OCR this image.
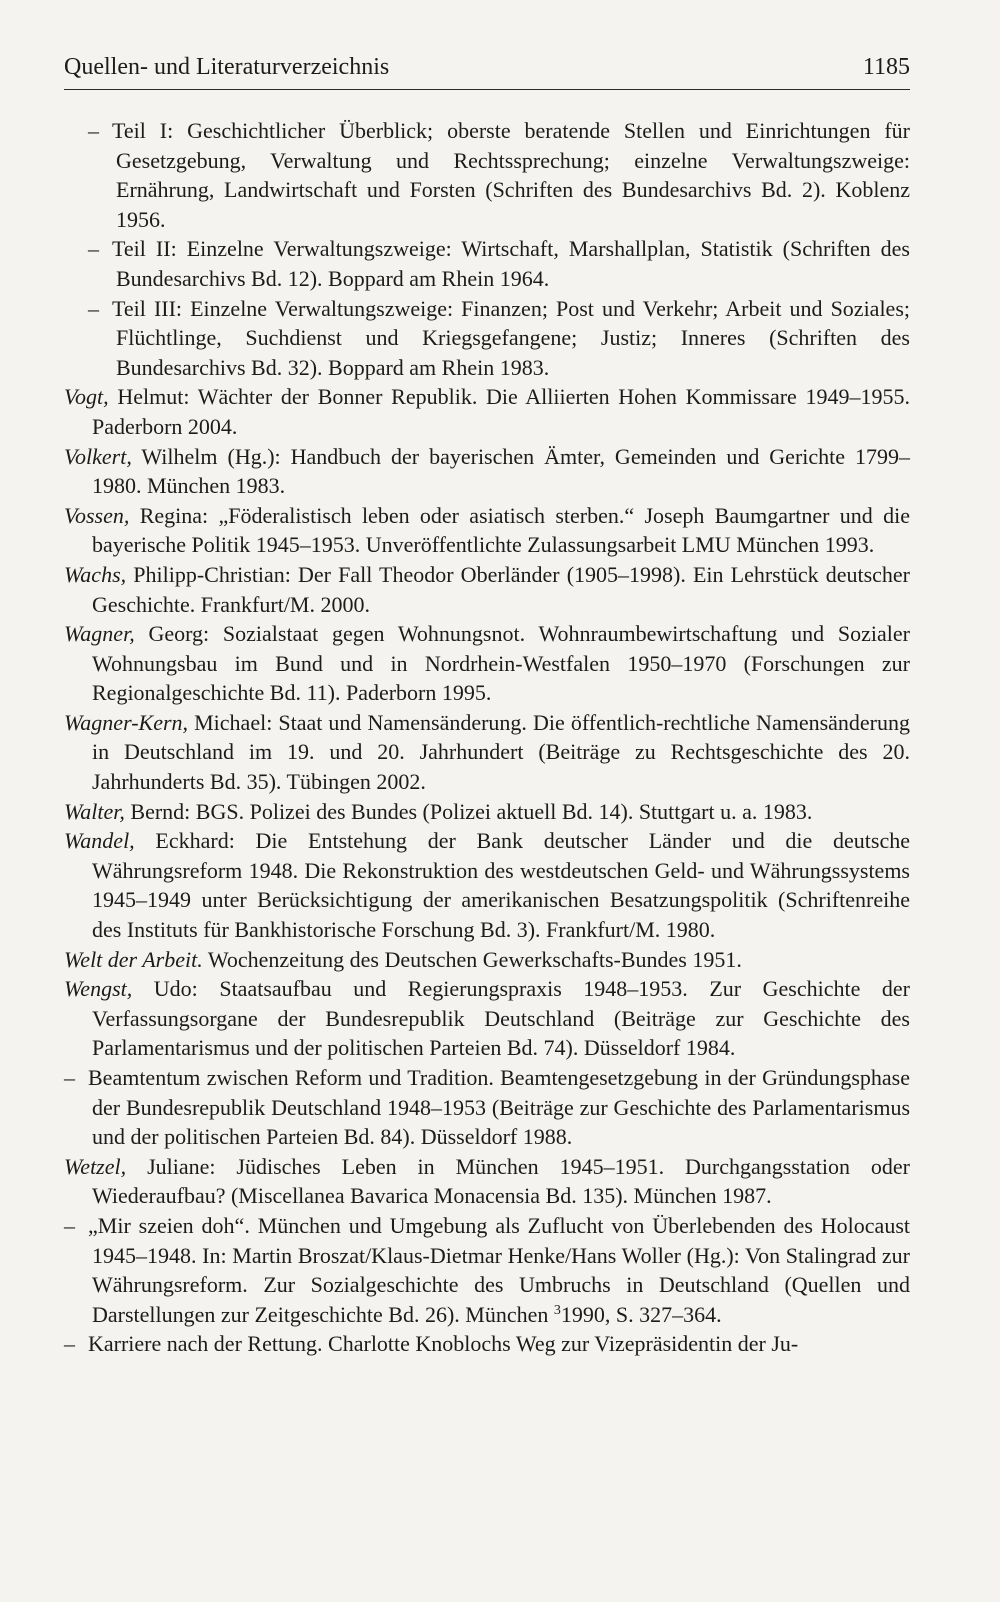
Quellen- und Literaturverzeichnis	1185

– Teil I: Geschichtlicher Überblick; oberste beratende Stellen und Einrichtungen für Gesetzgebung, Verwaltung und Rechtssprechung; einzelne Verwaltungszweige: Ernährung, Landwirtschaft und Forsten (Schriften des Bundesarchivs Bd. 2). Koblenz 1956.

– Teil II: Einzelne Verwaltungszweige: Wirtschaft, Marshallplan, Statistik (Schriften des Bundesarchivs Bd. 12). Boppard am Rhein 1964.

– Teil III: Einzelne Verwaltungszweige: Finanzen; Post und Verkehr; Arbeit und Soziales; Flüchtlinge, Suchdienst und Kriegsgefangene; Justiz; Inneres (Schriften des Bundesarchivs Bd. 32). Boppard am Rhein 1983.

Vogt, Helmut: Wächter der Bonner Republik. Die Alliierten Hohen Kommissare 1949–1955. Paderborn 2004.

Volkert, Wilhelm (Hg.): Handbuch der bayerischen Ämter, Gemeinden und Gerichte 1799–1980. München 1983.

Vossen, Regina: „Föderalistisch leben oder asiatisch sterben.“ Joseph Baumgartner und die bayerische Politik 1945–1953. Unveröffentlichte Zulassungsarbeit LMU München 1993.

Wachs, Philipp-Christian: Der Fall Theodor Oberländer (1905–1998). Ein Lehrstück deutscher Geschichte. Frankfurt/M. 2000.

Wagner, Georg: Sozialstaat gegen Wohnungsnot. Wohnraumbewirtschaftung und Sozialer Wohnungsbau im Bund und in Nordrhein-Westfalen 1950–1970 (Forschungen zur Regionalgeschichte Bd. 11). Paderborn 1995.

Wagner-Kern, Michael: Staat und Namensänderung. Die öffentlich-rechtliche Namensänderung in Deutschland im 19. und 20. Jahrhundert (Beiträge zu Rechtsgeschichte des 20. Jahrhunderts Bd. 35). Tübingen 2002.

Walter, Bernd: BGS. Polizei des Bundes (Polizei aktuell Bd. 14). Stuttgart u. a. 1983.

Wandel, Eckhard: Die Entstehung der Bank deutscher Länder und die deutsche Währungsreform 1948. Die Rekonstruktion des westdeutschen Geld- und Währungssystems 1945–1949 unter Berücksichtigung der amerikanischen Besatzungspolitik (Schriftenreihe des Instituts für Bankhistorische Forschung Bd. 3). Frankfurt/M. 1980.

Welt der Arbeit. Wochenzeitung des Deutschen Gewerkschafts-Bundes 1951.

Wengst, Udo: Staatsaufbau und Regierungspraxis 1948–1953. Zur Geschichte der Verfassungsorgane der Bundesrepublik Deutschland (Beiträge zur Geschichte des Parlamentarismus und der politischen Parteien Bd. 74). Düsseldorf 1984.

– Beamtentum zwischen Reform und Tradition. Beamtengesetzgebung in der Gründungsphase der Bundesrepublik Deutschland 1948–1953 (Beiträge zur Geschichte des Parlamentarismus und der politischen Parteien Bd. 84). Düsseldorf 1988.

Wetzel, Juliane: Jüdisches Leben in München 1945–1951. Durchgangsstation oder Wiederaufbau? (Miscellanea Bavarica Monacensia Bd. 135). München 1987.

– „Mir szeien doh“. München und Umgebung als Zuflucht von Überlebenden des Holocaust 1945–1948. In: Martin Broszat/Klaus-Dietmar Henke/Hans Woller (Hg.): Von Stalingrad zur Währungsreform. Zur Sozialgeschichte des Umbruchs in Deutschland (Quellen und Darstellungen zur Zeitgeschichte Bd. 26). München $^3$1990, S. 327–364.

– Karriere nach der Rettung. Charlotte Knoblochs Weg zur Vizepräsidentin der Ju-
